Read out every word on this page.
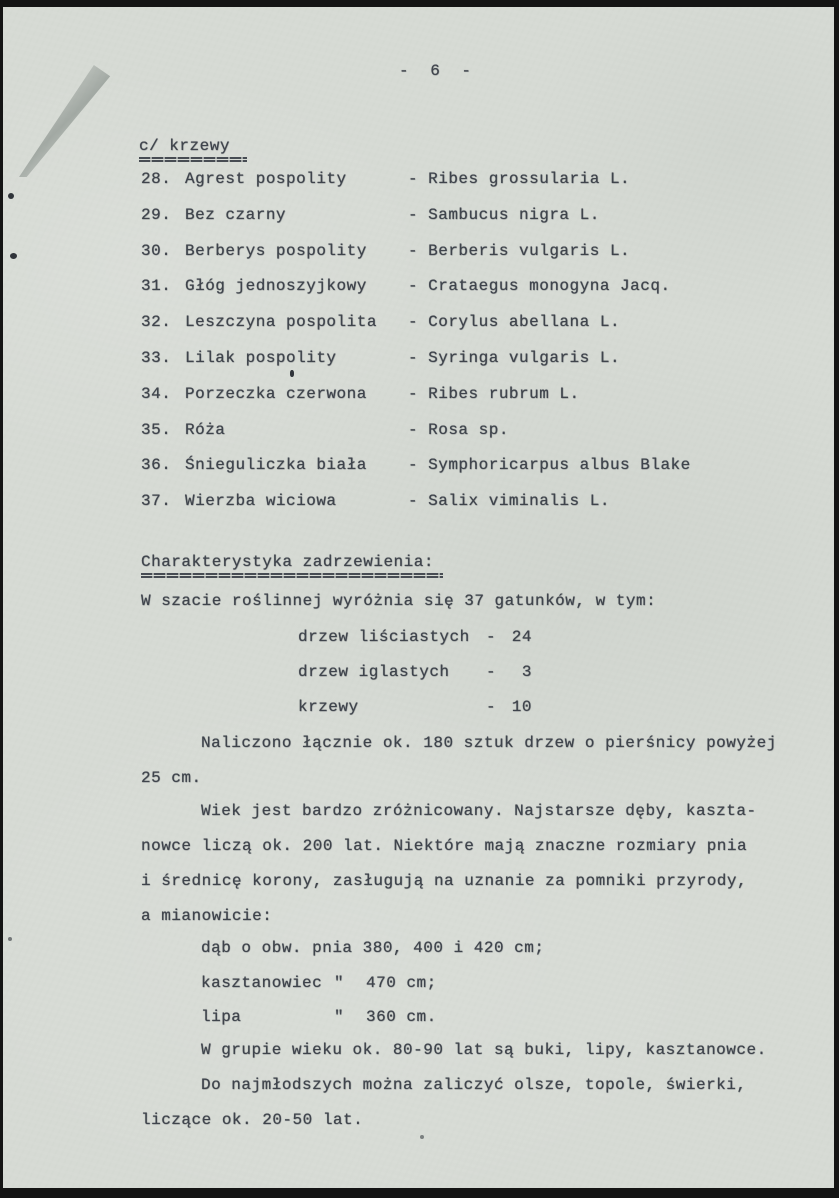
- 6 -
c/ krzewy
28. Agrest pospolity	- Ribes grossularia L.
29. Bez czarny	- Sambucus nigra L.
30. Berberys pospolity	- Berberis vulgaris L.
31. Głóg jednoszyjkowy	- Crataegus monogyna Jacq.
32. Leszczyna pospolita - Corylus abellana L.
33. Lilak pospolity	- Syringa vulgaris L.
34. Porzeczka czerwona	- Ribes rubrum L.
35. Róża	- Rosa sp.
36. Śnieguliczka biała	- Symphoricarpus albus Blake
37. Wierzba wiciowa	- Salix viminalis L.
Charakterystyka zadrzewienia:
W szacie roślinnej wyróżnia się 37 gatunków, w tym:
drzew liściastych	- 24
drzew iglastych	-	3
krzewy	- 10
Naliczono łącznie ok. 180 sztuk drzew o pierśnicy powyżej
25 cm.
Wiek jest bardzo zróżnicowany. Najstarsze dęby, kaszta-
nowce liczą ok. 200 lat. Niektóre mają znaczne rozmiary pnia
i średnicę korony, zasługują na uznanie za pomniki przyrody,
a mianowicie:
dąb o obw. pnia 380, 400 i 420 cm;
kasztanowiec "	470 cm;
lipa	"	360 cm.
W grupie wieku ok. 80-90 lat są buki, lipy, kasztanowce.
Do najmłodszych można zaliczyć olsze, topole, świerki,
liczące ok. 20-50 lat.
